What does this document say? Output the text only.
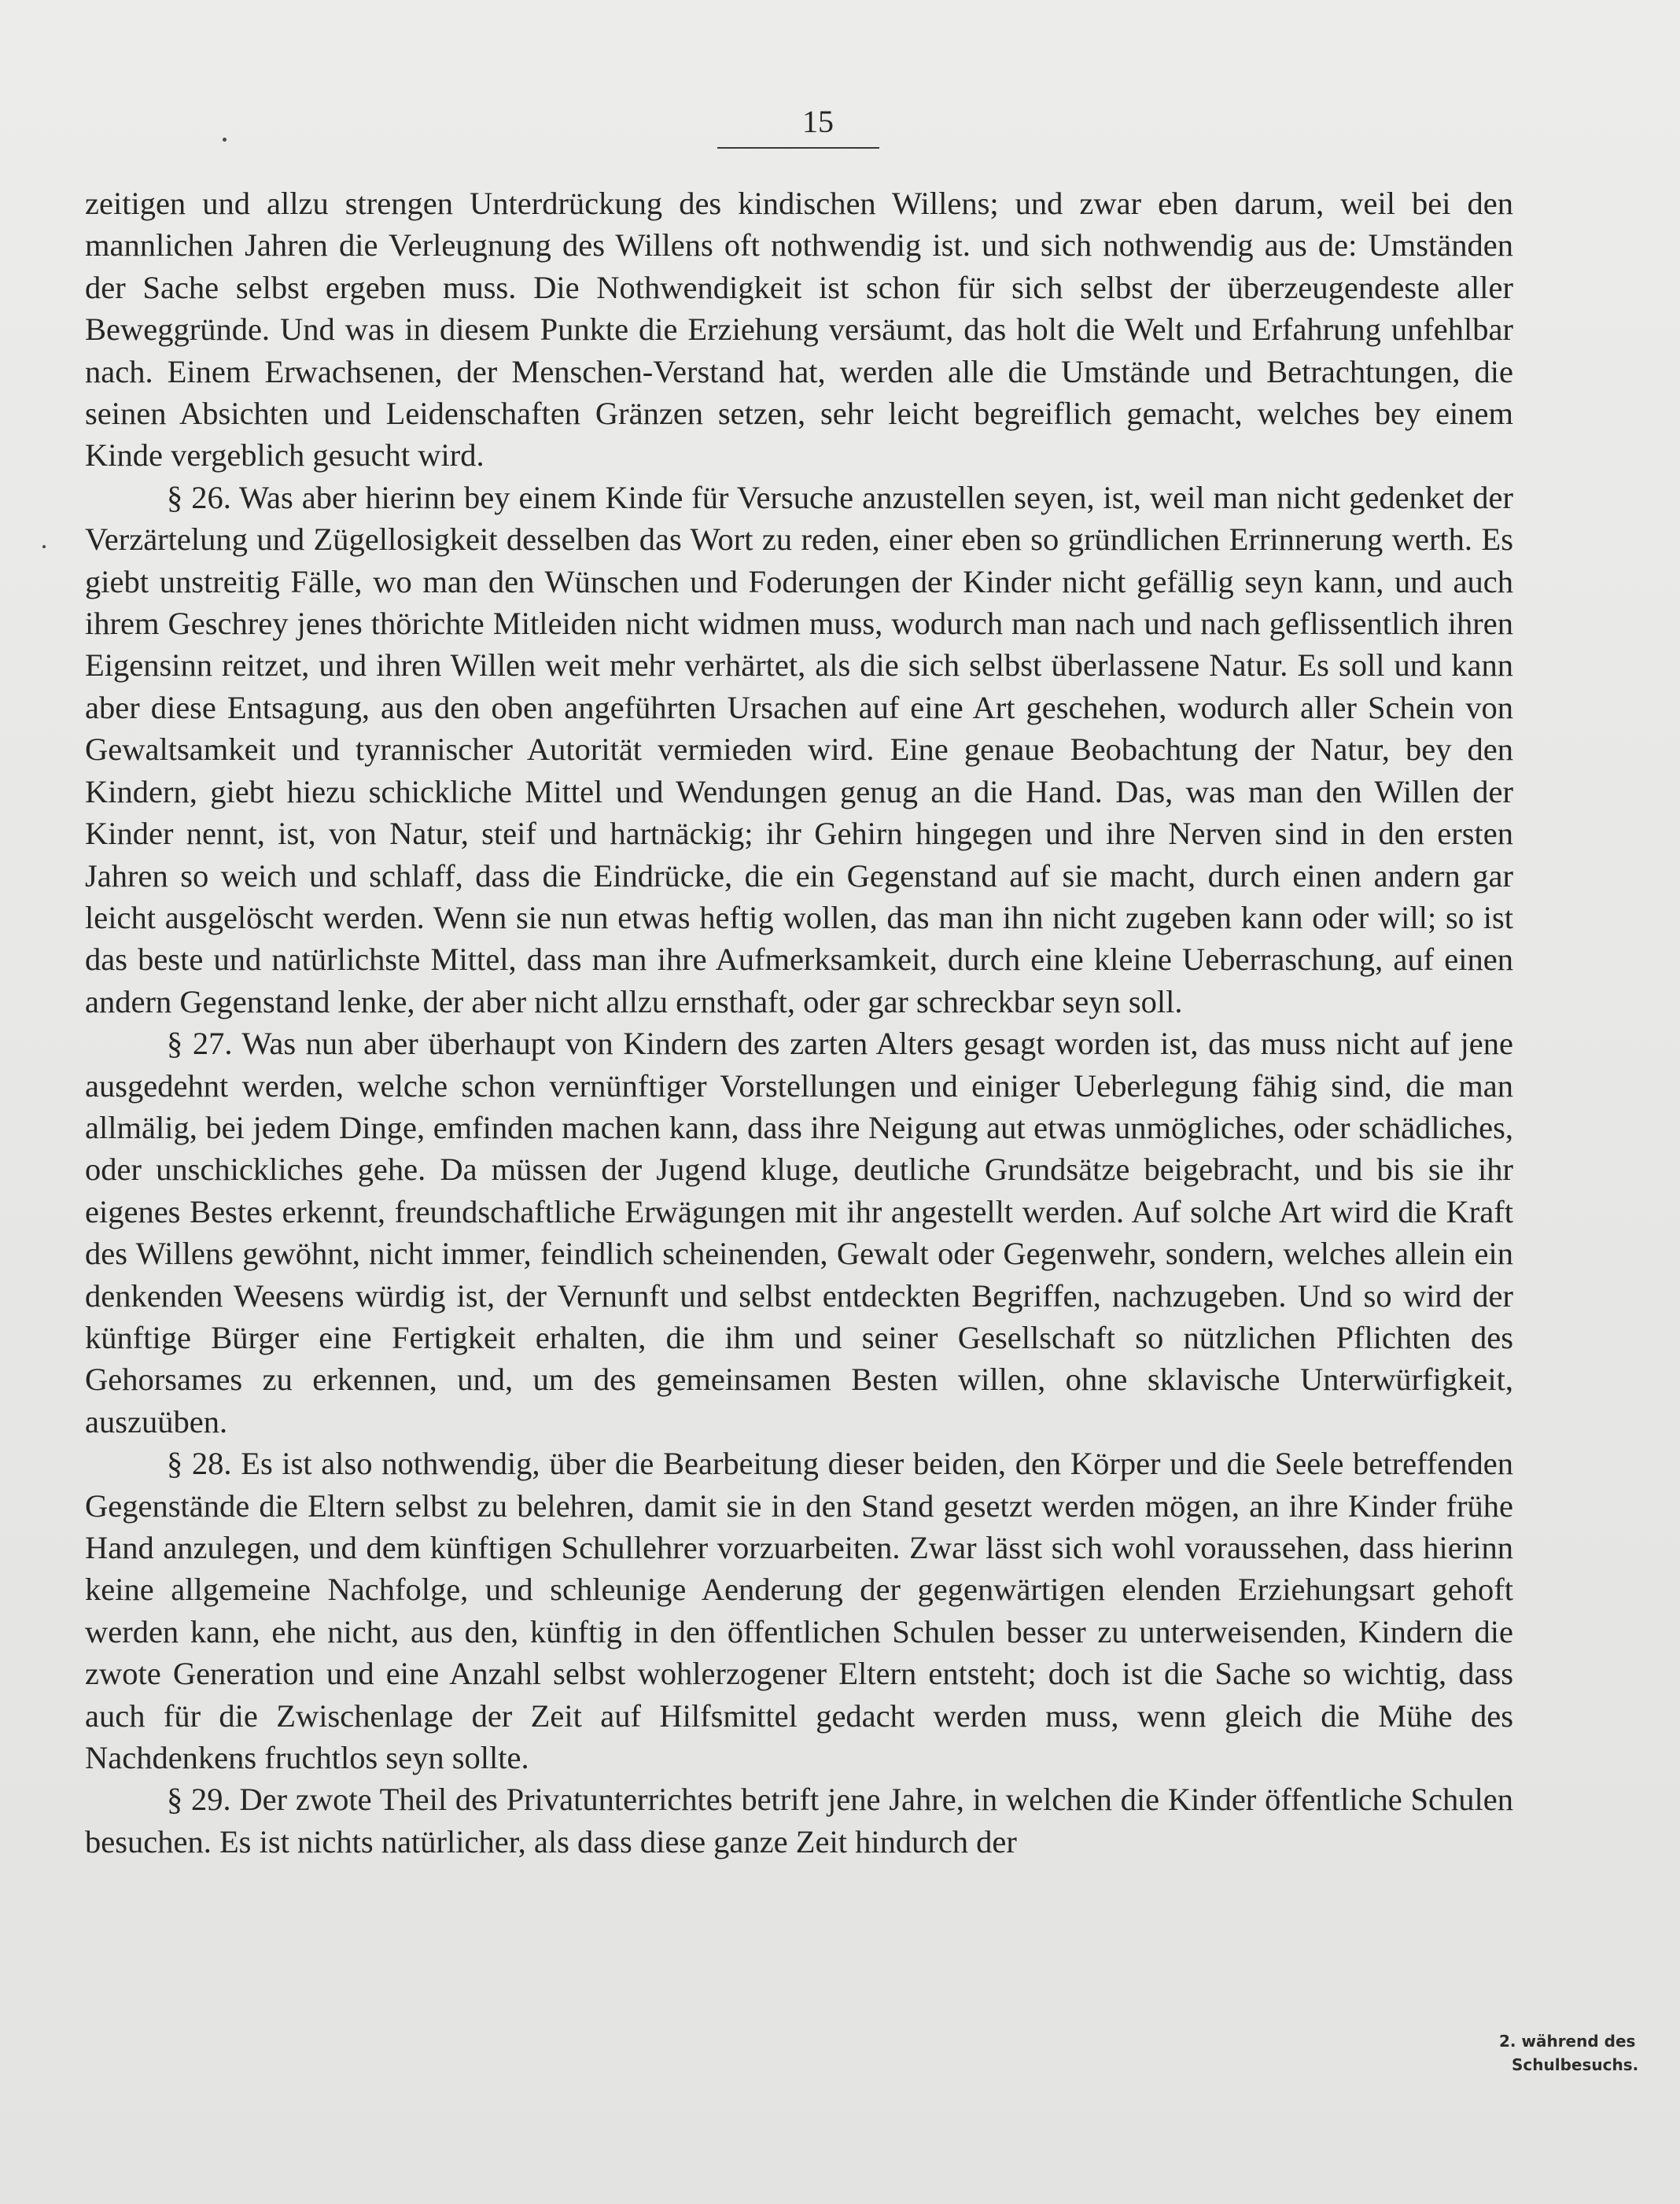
15

zeitigen und allzu strengen Unterdrückung des kindischen Willens; und zwar eben darum, weil bei den mannlichen Jahren die Verleugnung des Willens oft nothwendig ist. und sich nothwendig aus de: Umständen der Sache selbst ergeben muss. Die Nothwendigkeit ist schon für sich selbst der überzeugendeste aller Beweggründe. Und was in diesem Punkte die Erziehung versäumt, das holt die Welt und Erfahrung unfehlbar nach. Einem Erwachsenen, der Menschen-Verstand hat, werden alle die Umstände und Betrachtungen, die seinen Absichten und Leidenschaften Gränzen setzen, sehr leicht begreiflich gemacht, welches bey einem Kinde vergeblich gesucht wird.

§ 26. Was aber hierinn bey einem Kinde für Versuche anzustellen seyen, ist, weil man nicht gedenket der Verzärtelung und Zügellosigkeit desselben das Wort zu reden, einer eben so gründlichen Errinnerung werth. Es giebt unstreitig Fälle, wo man den Wünschen und Foderungen der Kinder nicht gefällig seyn kann, und auch ihrem Geschrey jenes thörichte Mitleiden nicht widmen muss, wodurch man nach und nach geflissentlich ihren Eigensinn reitzet, und ihren Willen weit mehr verhärtet, als die sich selbst überlassene Natur. Es soll und kann aber diese Entsagung, aus den oben angeführten Ursachen auf eine Art geschehen, wodurch aller Schein von Gewaltsamkeit und tyrannischer Autorität vermieden wird. Eine genaue Beobachtung der Natur, bey den Kindern, giebt hiezu schickliche Mittel und Wendungen genug an die Hand. Das, was man den Willen der Kinder nennt, ist, von Natur, steif und hartnäckig; ihr Gehirn hingegen und ihre Nerven sind in den ersten Jahren so weich und schlaff, dass die Eindrücke, die ein Gegenstand auf sie macht, durch einen andern gar leicht ausgelöscht werden. Wenn sie nun etwas heftig wollen, das man ihn nicht zugeben kann oder will; so ist das beste und natürlichste Mittel, dass man ihre Aufmerksamkeit, durch eine kleine Ueberraschung, auf einen andern Gegenstand lenke, der aber nicht allzu ernsthaft, oder gar schreckbar seyn soll.

§ 27. Was nun aber überhaupt von Kindern des zarten Alters gesagt worden ist, das muss nicht auf jene ausgedehnt werden, welche schon vernünftiger Vorstellungen und einiger Ueberlegung fähig sind, die man allmälig, bei jedem Dinge, emfinden machen kann, dass ihre Neigung aut etwas unmögliches, oder schädliches, oder unschickliches gehe. Da müssen der Jugend kluge, deutliche Grundsätze beigebracht, und bis sie ihr eigenes Bestes erkennt, freundschaftliche Erwägungen mit ihr angestellt werden. Auf solche Art wird die Kraft des Willens gewöhnt, nicht immer, feindlich scheinenden, Gewalt oder Gegenwehr, sondern, welches allein ein denkenden Weesens würdig ist, der Vernunft und selbst entdeckten Begriffen, nachzugeben. Und so wird der künftige Bürger eine Fertigkeit erhalten, die ihm und seiner Gesellschaft so nützlichen Pflichten des Gehorsames zu erkennen, und, um des gemeinsamen Besten willen, ohne sklavische Unterwürfigkeit, auszuüben.

§ 28. Es ist also nothwendig, über die Bearbeitung dieser beiden, den Körper und die Seele betreffenden Gegenstände die Eltern selbst zu belehren, damit sie in den Stand gesetzt werden mögen, an ihre Kinder frühe Hand anzulegen, und dem künftigen Schullehrer vorzuarbeiten. Zwar lässt sich wohl voraussehen, dass hierinn keine allgemeine Nachfolge, und schleunige Aenderung der gegenwärtigen elenden Erziehungsart gehoft werden kann, ehe nicht, aus den, künftig in den öffentlichen Schulen besser zu unterweisenden, Kindern die zwote Generation und eine Anzahl selbst wohlerzogener Eltern entsteht; doch ist die Sache so wichtig, dass auch für die Zwischenlage der Zeit auf Hilfsmittel gedacht werden muss, wenn gleich die Mühe des Nachdenkens fruchtlos seyn sollte.

§ 29. Der zwote Theil des Privatunterrichtes betrift jene Jahre, in welchen die Kinder öffentliche Schulen besuchen. Es ist nichts natürlicher, als dass diese ganze Zeit hindurch der

2. während des
Schulbesuchs.
